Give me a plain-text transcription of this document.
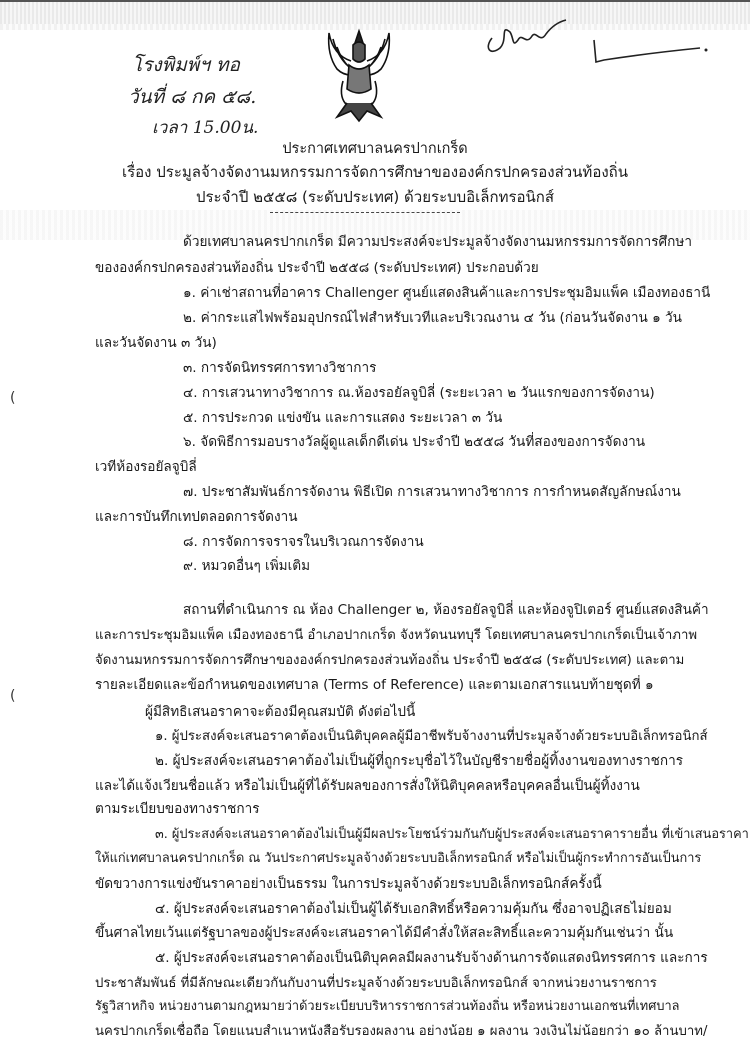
โรงพิมพ์ฯ ทอ
วันที่ ๘ กค ๕๘.
เวลา 15.00น.
ประกาศเทศบาลนครปากเกร็ด
เรื่อง ประมูลจ้างจัดงานมหกรรมการจัดการศึกษาขององค์กรปกครองส่วนท้องถิ่น
ประจำปี ๒๕๕๘ (ระดับประเทศ) ด้วยระบบอิเล็กทรอนิกส์
ด้วยเทศบาลนครปากเกร็ด มีความประสงค์จะประมูลจ้างจัดงานมหกรรมการจัดการศึกษา
ขององค์กรปกครองส่วนท้องถิ่น ประจำปี ๒๕๕๘ (ระดับประเทศ) ประกอบด้วย
๑. ค่าเช่าสถานที่อาคาร Challenger ศูนย์แสดงสินค้าและการประชุมอิมแพ็ค เมืองทองธานี
๒. ค่ากระแสไฟพร้อมอุปกรณ์ไฟสำหรับเวทีและบริเวณงาน ๔ วัน (ก่อนวันจัดงาน ๑ วัน
และวันจัดงาน ๓ วัน)
๓. การจัดนิทรรศการทางวิชาการ
๔. การเสวนาทางวิชาการ ณ.ห้องรอยัลจูบิลี่ (ระยะเวลา ๒ วันแรกของการจัดงาน)
๕. การประกวด แข่งขัน และการแสดง ระยะเวลา ๓ วัน
๖. จัดพิธีการมอบรางวัลผู้ดูแลเด็กดีเด่น ประจำปี ๒๕๕๘ วันที่สองของการจัดงาน
เวทีห้องรอยัลจูบิลี่
๗. ประชาสัมพันธ์การจัดงาน พิธีเปิด การเสวนาทางวิชาการ การกำหนดสัญลักษณ์งาน
และการบันทึกเทปตลอดการจัดงาน
๘. การจัดการจราจรในบริเวณการจัดงาน
๙. หมวดอื่นๆ เพิ่มเติม
สถานที่ดำเนินการ ณ ห้อง Challenger ๒, ห้องรอยัลจูบิลี่ และห้องจูปิเตอร์ ศูนย์แสดงสินค้า
และการประชุมอิมแพ็ค เมืองทองธานี อำเภอปากเกร็ด จังหวัดนนทบุรี โดยเทศบาลนครปากเกร็ดเป็นเจ้าภาพ
จัดงานมหกรรมการจัดการศึกษาขององค์กรปกครองส่วนท้องถิ่น ประจำปี ๒๕๕๘ (ระดับประเทศ) และตาม
รายละเอียดและข้อกำหนดของเทศบาล (Terms of Reference) และตามเอกสารแนบท้ายชุดที่ ๑
ผู้มีสิทธิเสนอราคาจะต้องมีคุณสมบัติ ดังต่อไปนี้
๑. ผู้ประสงค์จะเสนอราคาต้องเป็นนิติบุคคลผู้มีอาชีพรับจ้างงานที่ประมูลจ้างด้วยระบบอิเล็กทรอนิกส์
๒. ผู้ประสงค์จะเสนอราคาต้องไม่เป็นผู้ที่ถูกระบุชื่อไว้ในบัญชีรายชื่อผู้ทิ้งงานของทางราชการ
และได้แจ้งเวียนชื่อแล้ว หรือไม่เป็นผู้ที่ได้รับผลของการสั่งให้นิติบุคคลหรือบุคคลอื่นเป็นผู้ทิ้งงาน
ตามระเบียบของทางราชการ
๓. ผู้ประสงค์จะเสนอราคาต้องไม่เป็นผู้มีผลประโยชน์ร่วมกันกับผู้ประสงค์จะเสนอราคารายอื่น ที่เข้าเสนอราคา
ให้แก่เทศบาลนครปากเกร็ด ณ วันประกาศประมูลจ้างด้วยระบบอิเล็กทรอนิกส์ หรือไม่เป็นผู้กระทำการอันเป็นการ
ขัดขวางการแข่งขันราคาอย่างเป็นธรรม ในการประมูลจ้างด้วยระบบอิเล็กทรอนิกส์ครั้งนี้
๔. ผู้ประสงค์จะเสนอราคาต้องไม่เป็นผู้ได้รับเอกสิทธิ์หรือความคุ้มกัน ซึ่งอาจปฏิเสธไม่ยอม
ขึ้นศาลไทยเว้นแต่รัฐบาลของผู้ประสงค์จะเสนอราคาได้มีคำสั่งให้สละสิทธิ์และความคุ้มกันเช่นว่า นั้น
๕. ผู้ประสงค์จะเสนอราคาต้องเป็นนิติบุคคลมีผลงานรับจ้างด้านการจัดแสดงนิทรรศการ และการ
ประชาสัมพันธ์ ที่มีลักษณะเดียวกันกับงานที่ประมูลจ้างด้วยระบบอิเล็กทรอนิกส์ จากหน่วยงานราชการ
รัฐวิสาหกิจ หน่วยงานตามกฎหมายว่าด้วยระเบียบบริหารราชการส่วนท้องถิ่น หรือหน่วยงานเอกชนที่เทศบาล
นครปากเกร็ดเชื่อถือ โดยแนบสำเนาหนังสือรับรองผลงาน อย่างน้อย ๑ ผลงาน วงเงินไม่น้อยกว่า ๑๐ ล้านบาท/
๑ สัญญา สำเนาสัญญา หรือสำเนาข้อตกลงการจ้างมาประกอบการพิจารณาด้วย	/๖. นิติบุคคลที่จะเข้าเป็นคู่สัญญา...
(
(
